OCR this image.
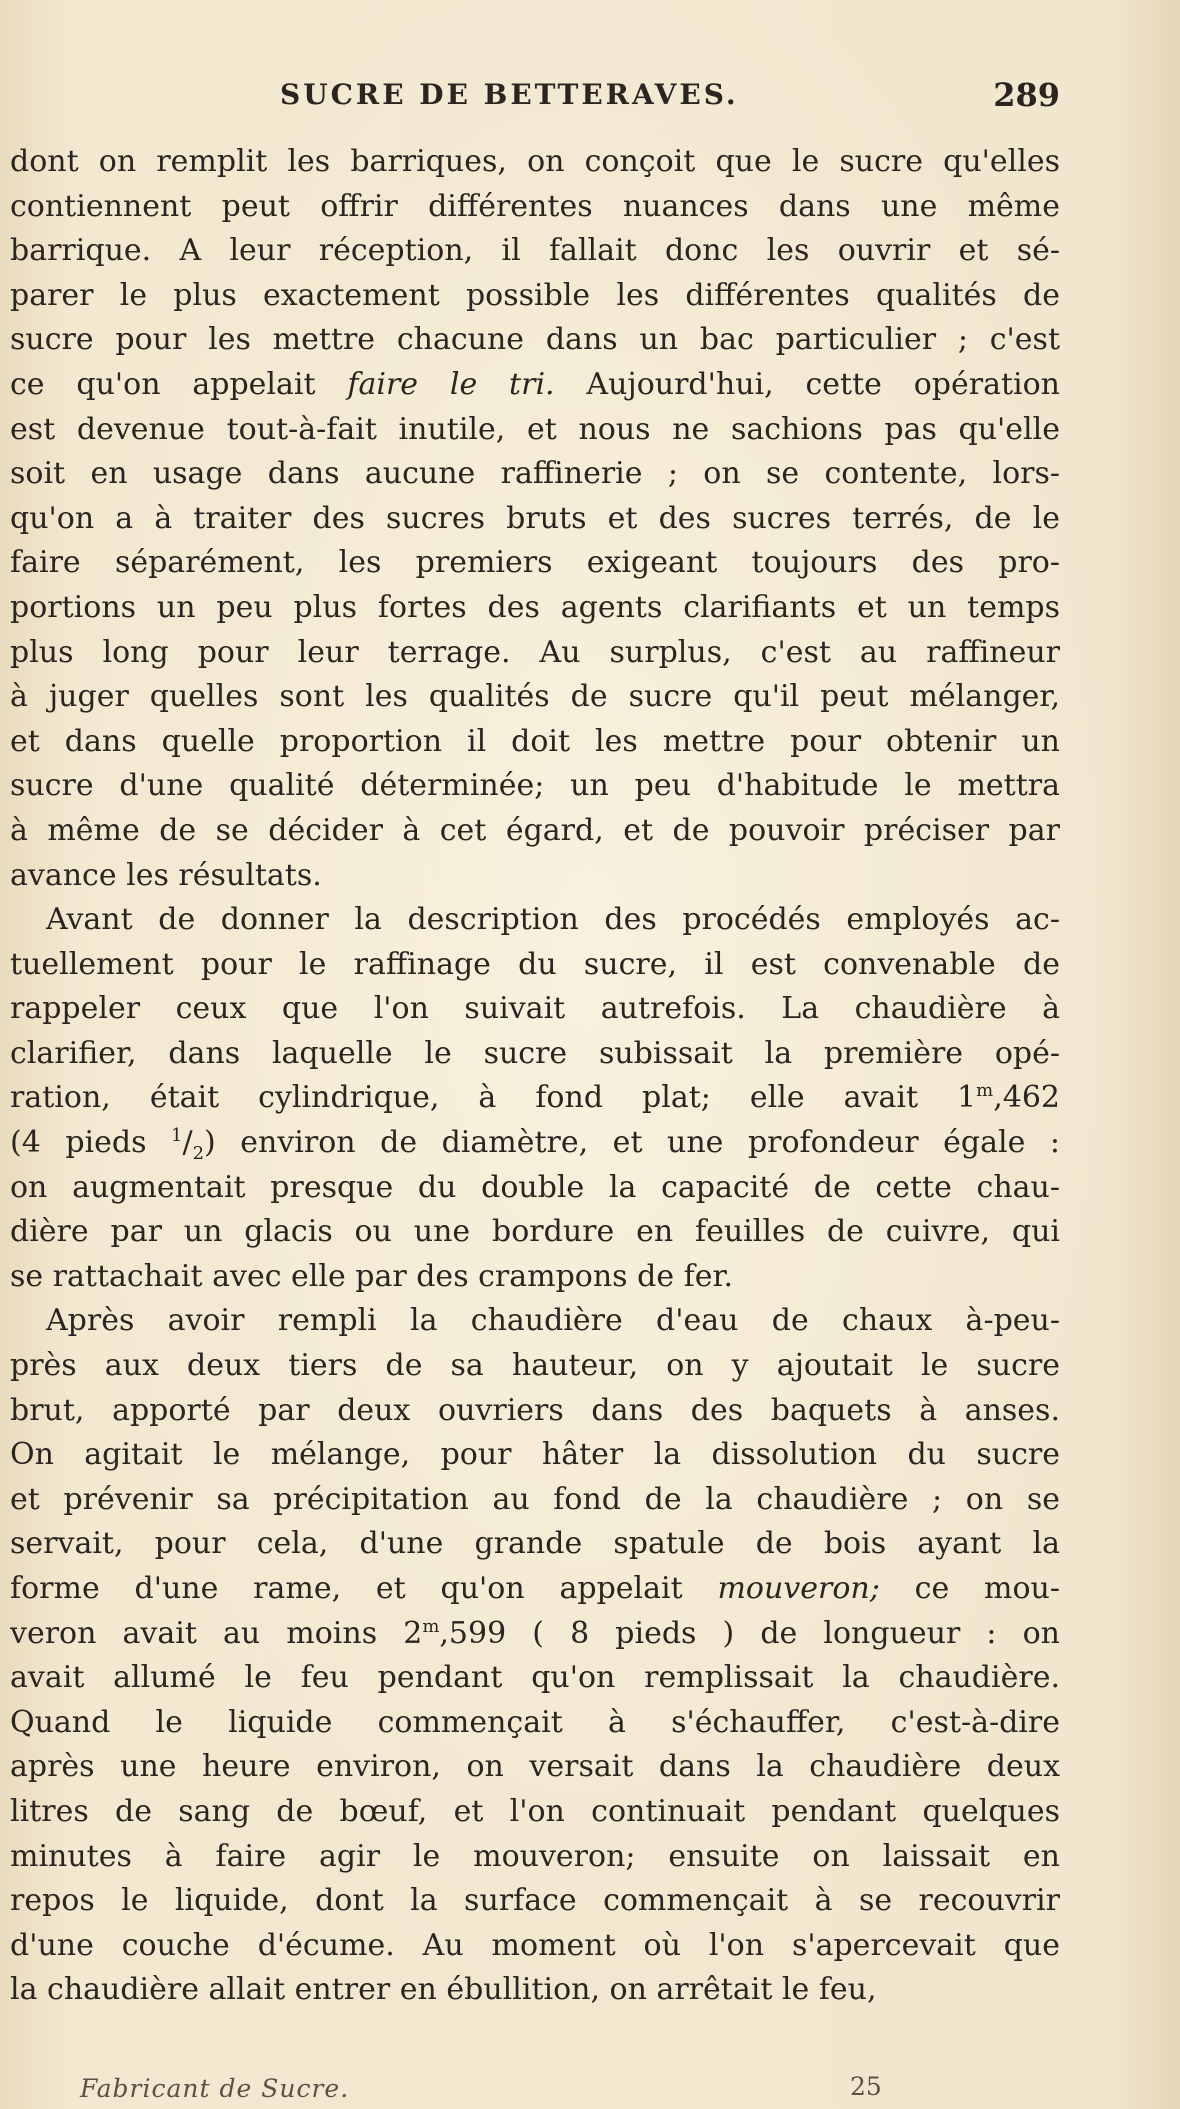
SUCRE DE BETTERAVES.	289
dont on remplit les barriques, on conçoit que le sucre qu'elles
contiennent peut offrir différentes nuances dans une même
barrique. A leur réception, il fallait donc les ouvrir et sé-
parer le plus exactement possible les différentes qualités de
sucre pour les mettre chacune dans un bac particulier ; c'est
ce qu'on appelait faire le tri. Aujourd'hui, cette opération
est devenue tout-à-fait inutile, et nous ne sachions pas qu'elle
soit en usage dans aucune raffinerie ; on se contente, lors-
qu'on a à traiter des sucres bruts et des sucres terrés, de le
faire séparément, les premiers exigeant toujours des pro-
portions un peu plus fortes des agents clarifiants et un temps
plus long pour leur terrage. Au surplus, c'est au raffineur
à juger quelles sont les qualités de sucre qu'il peut mélanger,
et dans quelle proportion il doit les mettre pour obtenir un
sucre d'une qualité déterminée; un peu d'habitude le mettra
à même de se décider à cet égard, et de pouvoir préciser par
avance les résultats.
Avant de donner la description des procédés employés ac-
tuellement pour le raffinage du sucre, il est convenable de
rappeler ceux que l'on suivait autrefois. La chaudière à
clarifier, dans laquelle le sucre subissait la première opé-
ration, était cylindrique, à fond plat; elle avait 1$^m$,462
(4 pieds $^1/_2$) environ de diamètre, et une profondeur égale :
on augmentait presque du double la capacité de cette chau-
dière par un glacis ou une bordure en feuilles de cuivre, qui
se rattachait avec elle par des crampons de fer.
Après avoir rempli la chaudière d'eau de chaux à-peu-
près aux deux tiers de sa hauteur, on y ajoutait le sucre
brut, apporté par deux ouvriers dans des baquets à anses.
On agitait le mélange, pour hâter la dissolution du sucre
et prévenir sa précipitation au fond de la chaudière ; on se
servait, pour cela, d'une grande spatule de bois ayant la
forme d'une rame, et qu'on appelait mouveron; ce mou-
veron avait au moins 2$^m$,599 ( 8 pieds ) de longueur : on
avait allumé le feu pendant qu'on remplissait la chaudière.
Quand le liquide commençait à s'échauffer, c'est-à-dire
après une heure environ, on versait dans la chaudière deux
litres de sang de bœuf, et l'on continuait pendant quelques
minutes à faire agir le mouveron; ensuite on laissait en
repos le liquide, dont la surface commençait à se recouvrir
d'une couche d'écume. Au moment où l'on s'apercevait que
la chaudière allait entrer en ébullition, on arrêtait le feu,
Fabricant de Sucre.	25
